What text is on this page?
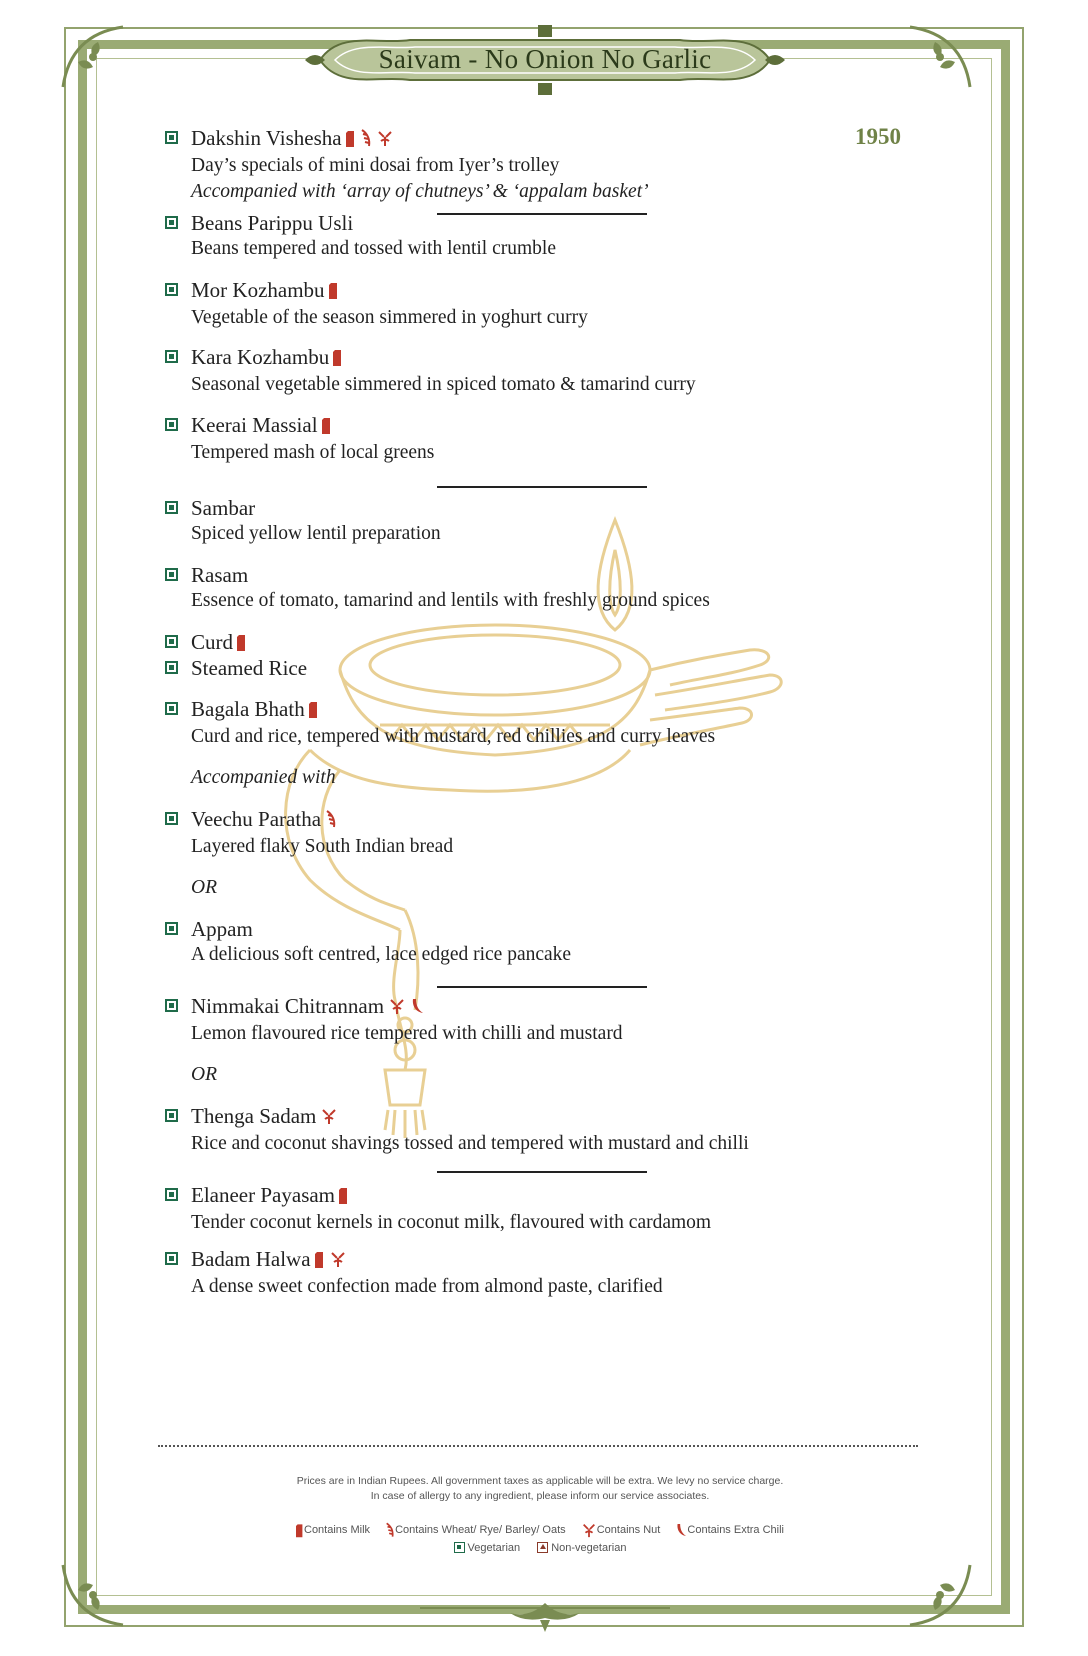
Saivam - No Onion No Garlic
1950
Dakshin Vishesha
Day’s specials of mini dosai from Iyer’s trolley
Accompanied with ‘array of chutneys’ & ‘appalam basket’
Beans Parippu Usli
Beans tempered and tossed with lentil crumble
Mor Kozhambu
Vegetable of the season simmered in yoghurt curry
Kara Kozhambu
Seasonal vegetable simmered in spiced tomato & tamarind curry
Keerai Massial
Tempered mash of local greens
Sambar
Spiced yellow lentil preparation
Rasam
Essence of tomato, tamarind and lentils with freshly ground spices
Curd
Steamed Rice
Bagala Bhath
Curd and rice, tempered with mustard, red chillies and curry leaves
Accompanied with
Veechu Paratha
Layered flaky South Indian bread
OR
Appam
A delicious soft centred, lace edged rice pancake
Nimmakai Chitrannam
Lemon flavoured rice tempered with chilli and mustard
OR
Thenga Sadam
Rice and coconut shavings tossed and tempered with mustard and chilli
Elaneer Payasam
Tender coconut kernels in coconut milk, flavoured with cardamom
Badam Halwa
A dense sweet confection made from almond paste, clarified
Prices are in Indian Rupees. All government taxes as applicable will be extra. We levy no service charge.
In case of allergy to any ingredient, please inform our service associates.
Contains Milk
Contains Wheat/ Rye/ Barley/ Oats
	Contains Nut
Contains Extra Chili
Vegetarian	Non-vegetarian
